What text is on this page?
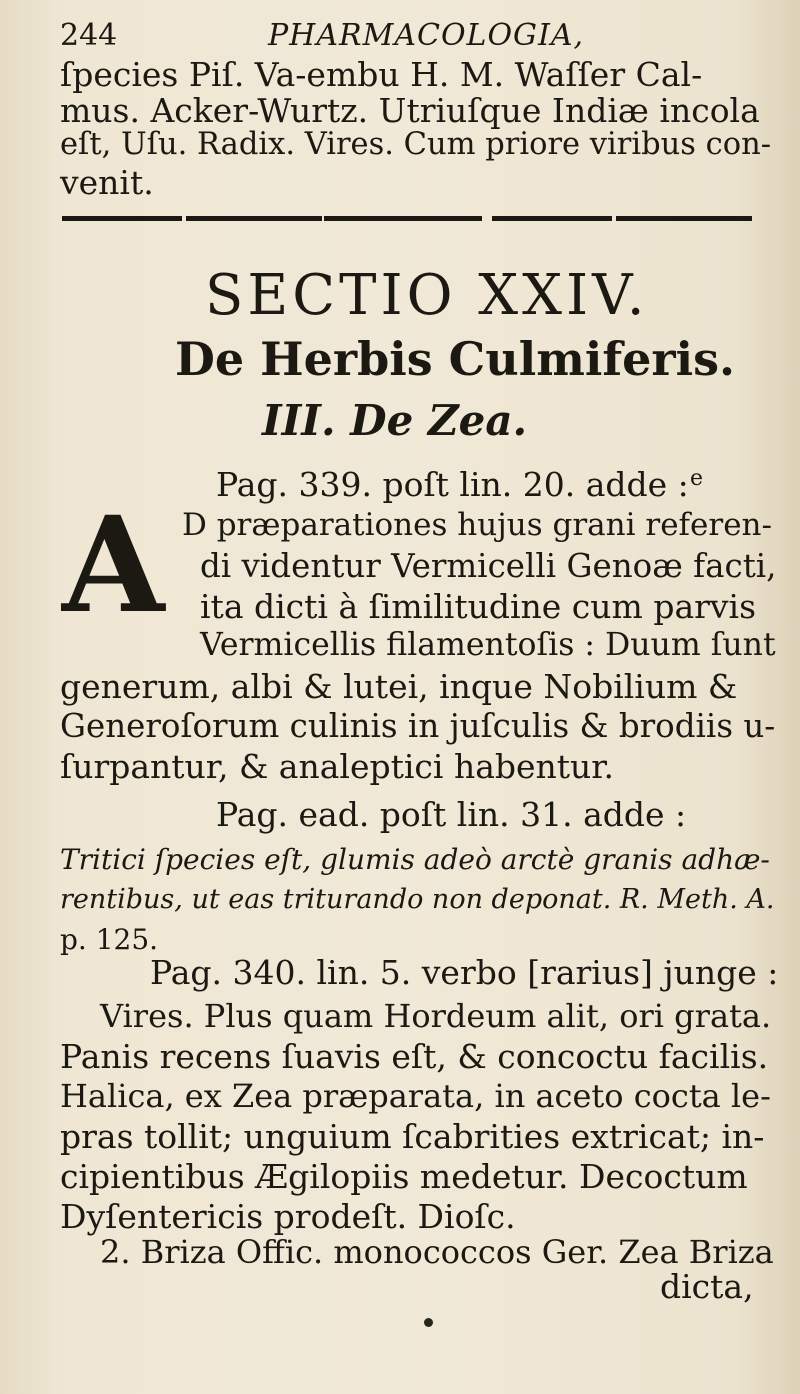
244	PHARMACOLOGIA,
ſpecies Piſ. Va-embu H. M. Waſſer Cal-
mus. Acker-Wurtz. Utriuſque Indiæ incola
eſt, Uſu. Radix. Vires. Cum priore viribus con-
venit.
SECTIO XXIV.
De Herbis Culmiferis.
III. De Zea.
Pag. 339. poſt lin. 20. adde : e
A D præparationes hujus grani referen-
di videntur Vermicelli Genoæ facti,
ita dicti à ſimilitudine cum parvis
Vermicellis filamentoſis : Duum ſunt
generum, albi & lutei, inque Nobilium &
Generoſorum culinis in juſculis & brodiis u-
ſurpantur, & analeptici habentur.
Pag. ead. poſt lin. 31. adde :
Tritici ſpecies eſt, glumis adeò arctè granis adhæ-
rentibus, ut eas triturando non deponat. R. Meth. A.
p. 125.
Pag. 340. lin. 5. verbo [rarius] junge :
Vires. Plus quam Hordeum alit, ori grata.
Panis recens ſuavis eſt, & concoctu facilis.
Halica, ex Zea præparata, in aceto cocta le-
pras tollit; unguium ſcabrities extricat; in-
cipientibus Ægilopiis medetur. Decoctum
Dyſentericis prodeſt. Dioſc.
2. Briza Offic. monococcos Ger. Zea Briza
dicta,
